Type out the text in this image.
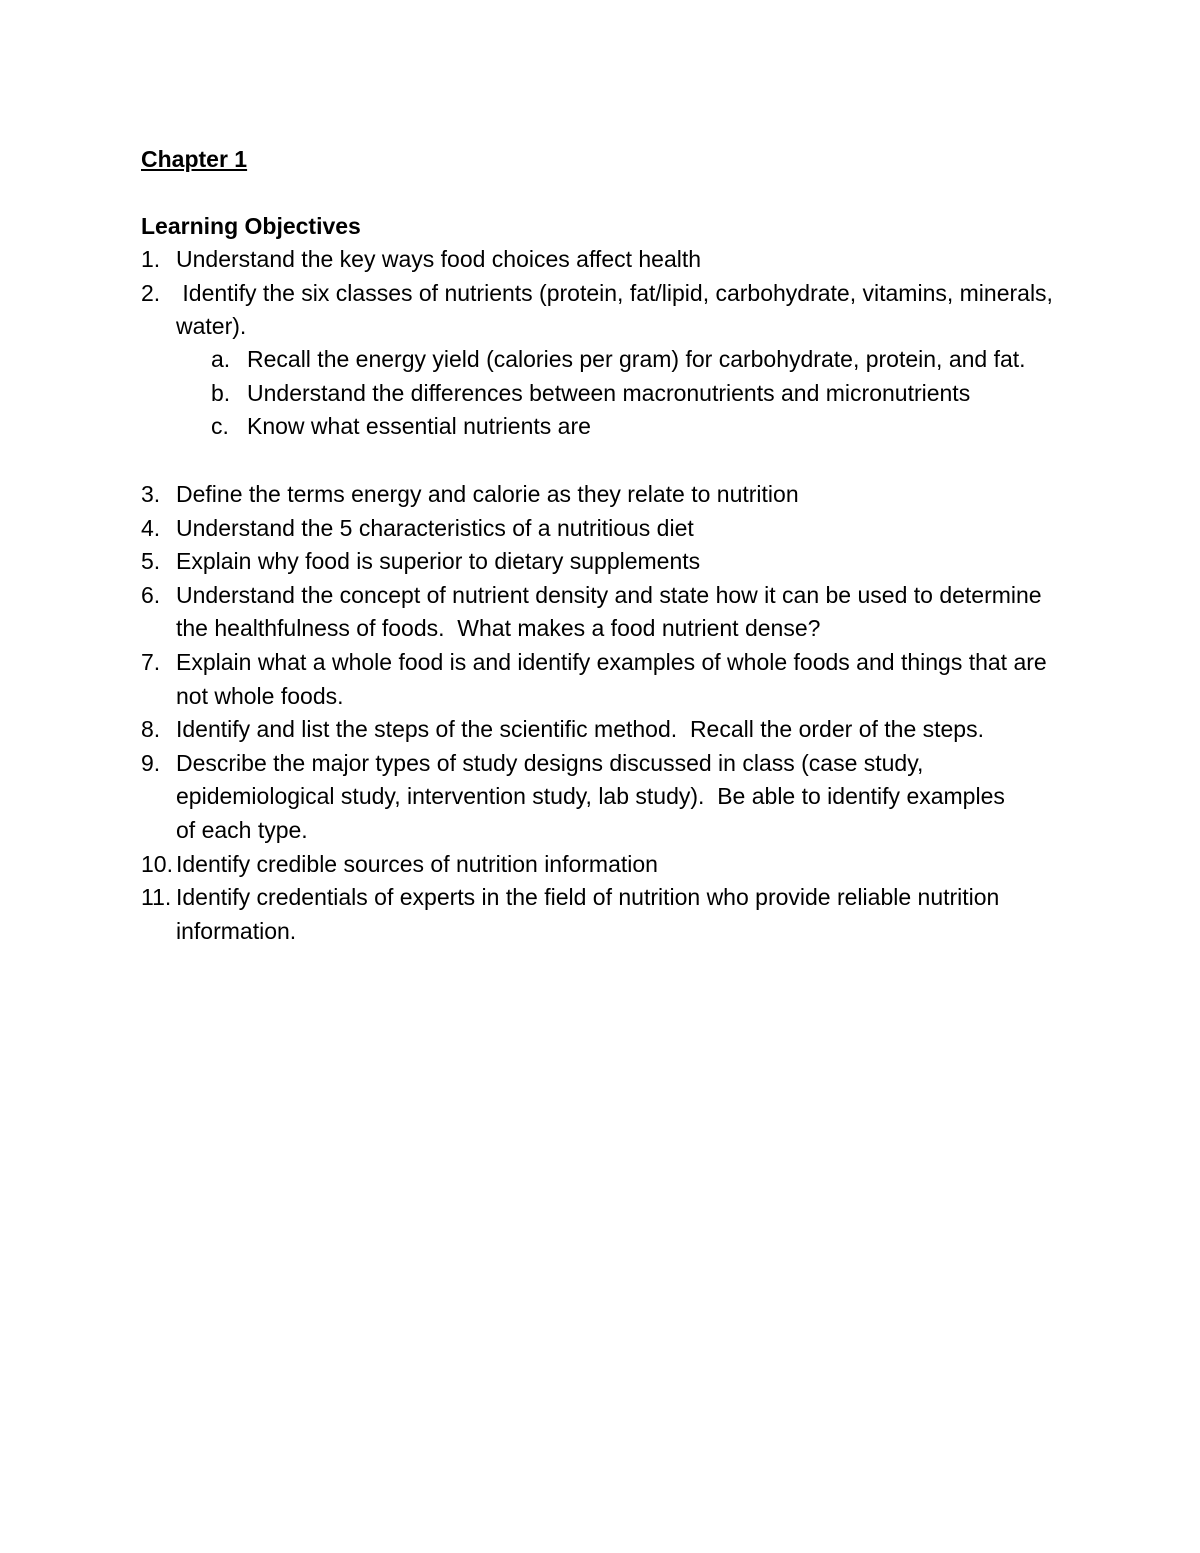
Chapter 1

Learning Objectives

1. Understand the key ways food choices affect health
2. Identify the six classes of nutrients (protein, fat/lipid, carbohydrate, vitamins, minerals, water).
a. Recall the energy yield (calories per gram) for carbohydrate, protein, and fat.
b. Understand the differences between macronutrients and micronutrients
c. Know what essential nutrients are
3. Define the terms energy and calorie as they relate to nutrition
4. Understand the 5 characteristics of a nutritious diet
5. Explain why food is superior to dietary supplements
6. Understand the concept of nutrient density and state how it can be used to determine the healthfulness of foods.  What makes a food nutrient dense?
7. Explain what a whole food is and identify examples of whole foods and things that are not whole foods.
8. Identify and list the steps of the scientific method.  Recall the order of the steps.
9. Describe the major types of study designs discussed in class (case study, epidemiological study, intervention study, lab study).  Be able to identify examples of each type.
10. Identify credible sources of nutrition information
11. Identify credentials of experts in the field of nutrition who provide reliable nutrition information.
